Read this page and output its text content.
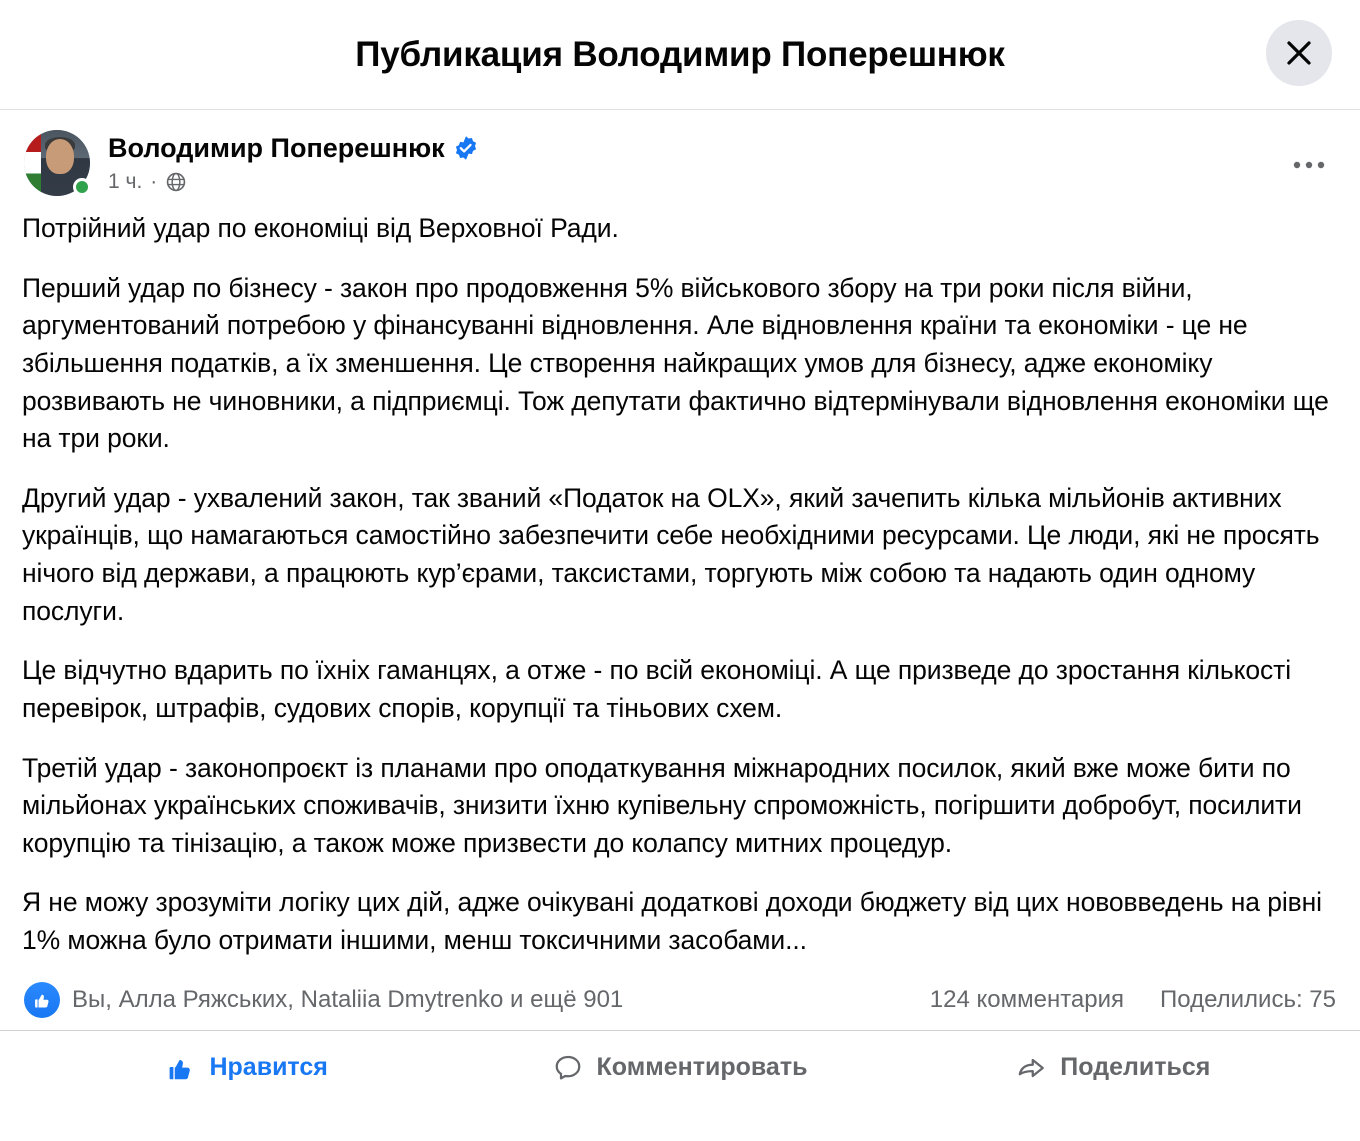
Публикация Володимир Поперешнюк
Володимир Поперешнюк
1 ч. ·

Потрійний удар по економіці від Верховної Ради.

Перший удар по бізнесу - закон про продовження 5% військового збору на три роки після війни, аргументований потребою у фінансуванні відновлення. Але відновлення країни та економіки - це не збільшення податків, а їх зменшення. Це створення найкращих умов для бізнесу, адже економіку розвивають не чиновники, а підприємці. Тож депутати фактично відтермінували відновлення економіки ще на три роки.

Другий удар - ухвалений закон, так званий «Податок на OLX», який зачепить кілька мільйонів активних українців, що намагаються самостійно забезпечити себе необхідними ресурсами. Це люди, які не просять нічого від держави, а працюють кур’єрами, таксистами, торгують між собою та надають один одному послуги.

Це відчутно вдарить по їхніх гаманцях, а отже - по всій економіці. А ще призведе до зростання кількості перевірок, штрафів, судових спорів, корупції та тіньових схем.

Третій удар - законопроєкт із планами про оподаткування міжнародних посилок, який вже може бити по мільйонах українських споживачів, знизити їхню купівельну спроможність, погіршити добробут, посилити корупцію та тінізацію, а також може призвести до колапсу митних процедур.

Я не можу зрозуміти логіку цих дій, адже очікувані додаткові доходи бюджету від цих нововведень на рівні 1% можна було отримати іншими, менш токсичними засобами...

Вы, Алла Ряжських, Nataliia Dmytrenko и ещё 901	124 комментария Поделились: 75
Нравится	Комментировать	Поделиться
